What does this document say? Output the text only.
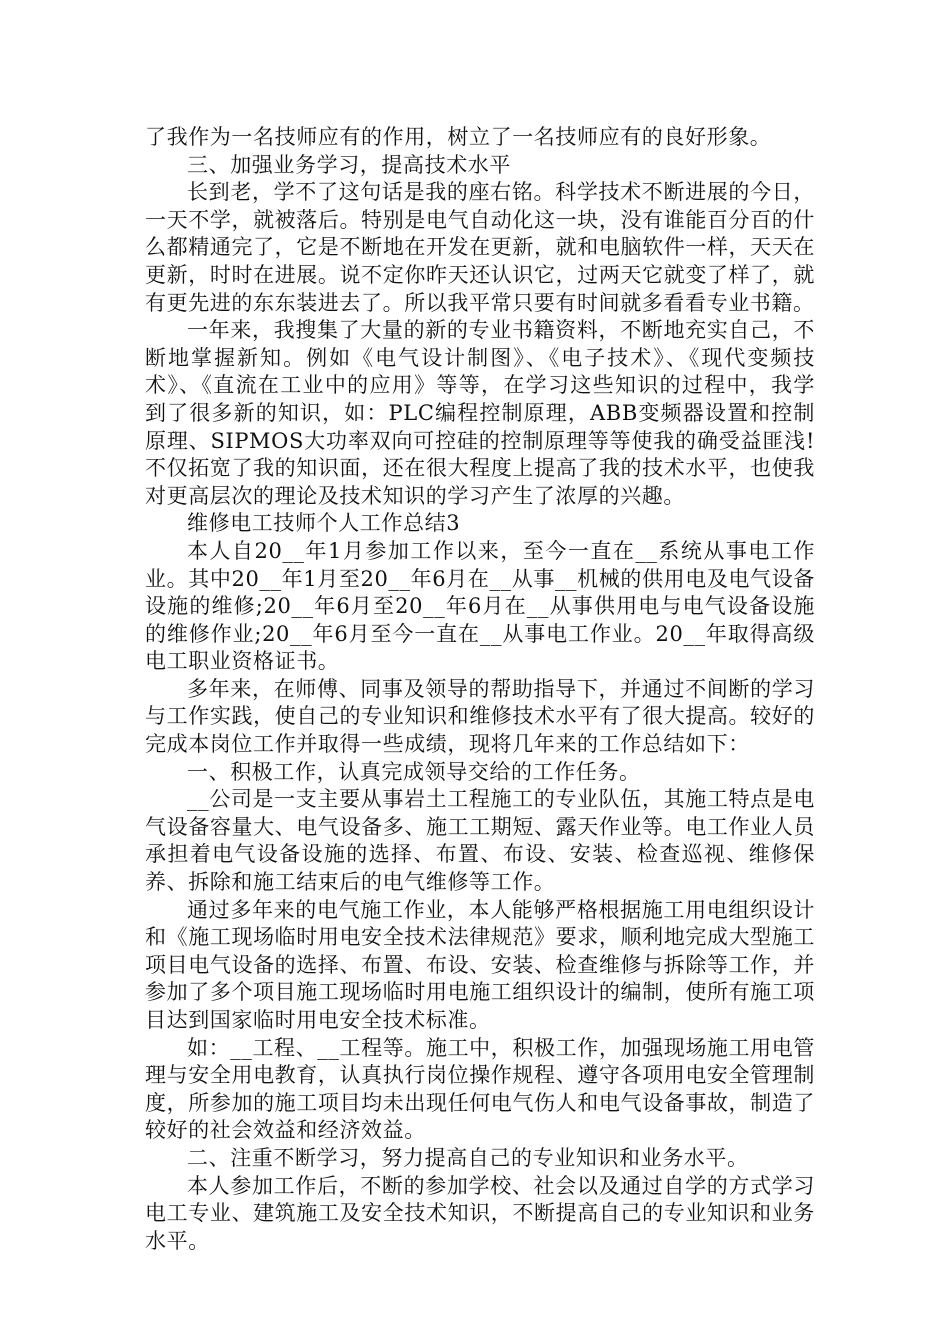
了我作为一名技师应有的作用，树立了一名技师应有的良好形象。

三、加强业务学习，提高技术水平

长到老，学不了这句话是我的座右铭。科学技术不断进展的今日，一天不学，就被落后。特别是电气自动化这一块，没有谁能百分百的什么都精通完了，它是不断地在开发在更新，就和电脑软件一样，天天在更新，时时在进展。说不定你昨天还认识它，过两天它就变了样了，就有更先进的东东装进去了。所以我平常只要有时间就多看看专业书籍。

一年来，我搜集了大量的新的专业书籍资料，不断地充实自己，不断地掌握新知。例如《电气设计制图》、《电子技术》、《现代变频技术》、《直流在工业中的应用》等等，在学习这些知识的过程中，我学到了很多新的知识，如：PLC编程控制原理，ABB变频器设置和控制原理、SIPMOS大功率双向可控硅的控制原理等等使我的确受益匪浅!不仅拓宽了我的知识面，还在很大程度上提高了我的技术水平，也使我对更高层次的理论及技术知识的学习产生了浓厚的兴趣。

维修电工技师个人工作总结3

本人自20__年1月参加工作以来，至今一直在__系统从事电工作业。其中20__年1月至20__年6月在__从事__机械的供用电及电气设备设施的维修;20__年6月至20__年6月在__从事供用电与电气设备设施的维修作业;20__年6月至今一直在__从事电工作业。20__年取得高级电工职业资格证书。

多年来，在师傅、同事及领导的帮助指导下，并通过不间断的学习与工作实践，使自己的专业知识和维修技术水平有了很大提高。较好的完成本岗位工作并取得一些成绩，现将几年来的工作总结如下：

一、积极工作，认真完成领导交给的工作任务。

__公司是一支主要从事岩土工程施工的专业队伍，其施工特点是电气设备容量大、电气设备多、施工工期短、露天作业等。电工作业人员承担着电气设备设施的选择、布置、布设、安装、检查巡视、维修保养、拆除和施工结束后的电气维修等工作。

通过多年来的电气施工作业，本人能够严格根据施工用电组织设计和《施工现场临时用电安全技术法律规范》要求，顺利地完成大型施工项目电气设备的选择、布置、布设、安装、检查维修与拆除等工作，并参加了多个项目施工现场临时用电施工组织设计的编制，使所有施工项目达到国家临时用电安全技术标准。

如：__工程、__工程等。施工中，积极工作，加强现场施工用电管理与安全用电教育，认真执行岗位操作规程、遵守各项用电安全管理制度，所参加的施工项目均未出现任何电气伤人和电气设备事故，制造了较好的社会效益和经济效益。

二、注重不断学习，努力提高自己的专业知识和业务水平。

本人参加工作后，不断的参加学校、社会以及通过自学的方式学习电工专业、建筑施工及安全技术知识，不断提高自己的专业知识和业务水平。
